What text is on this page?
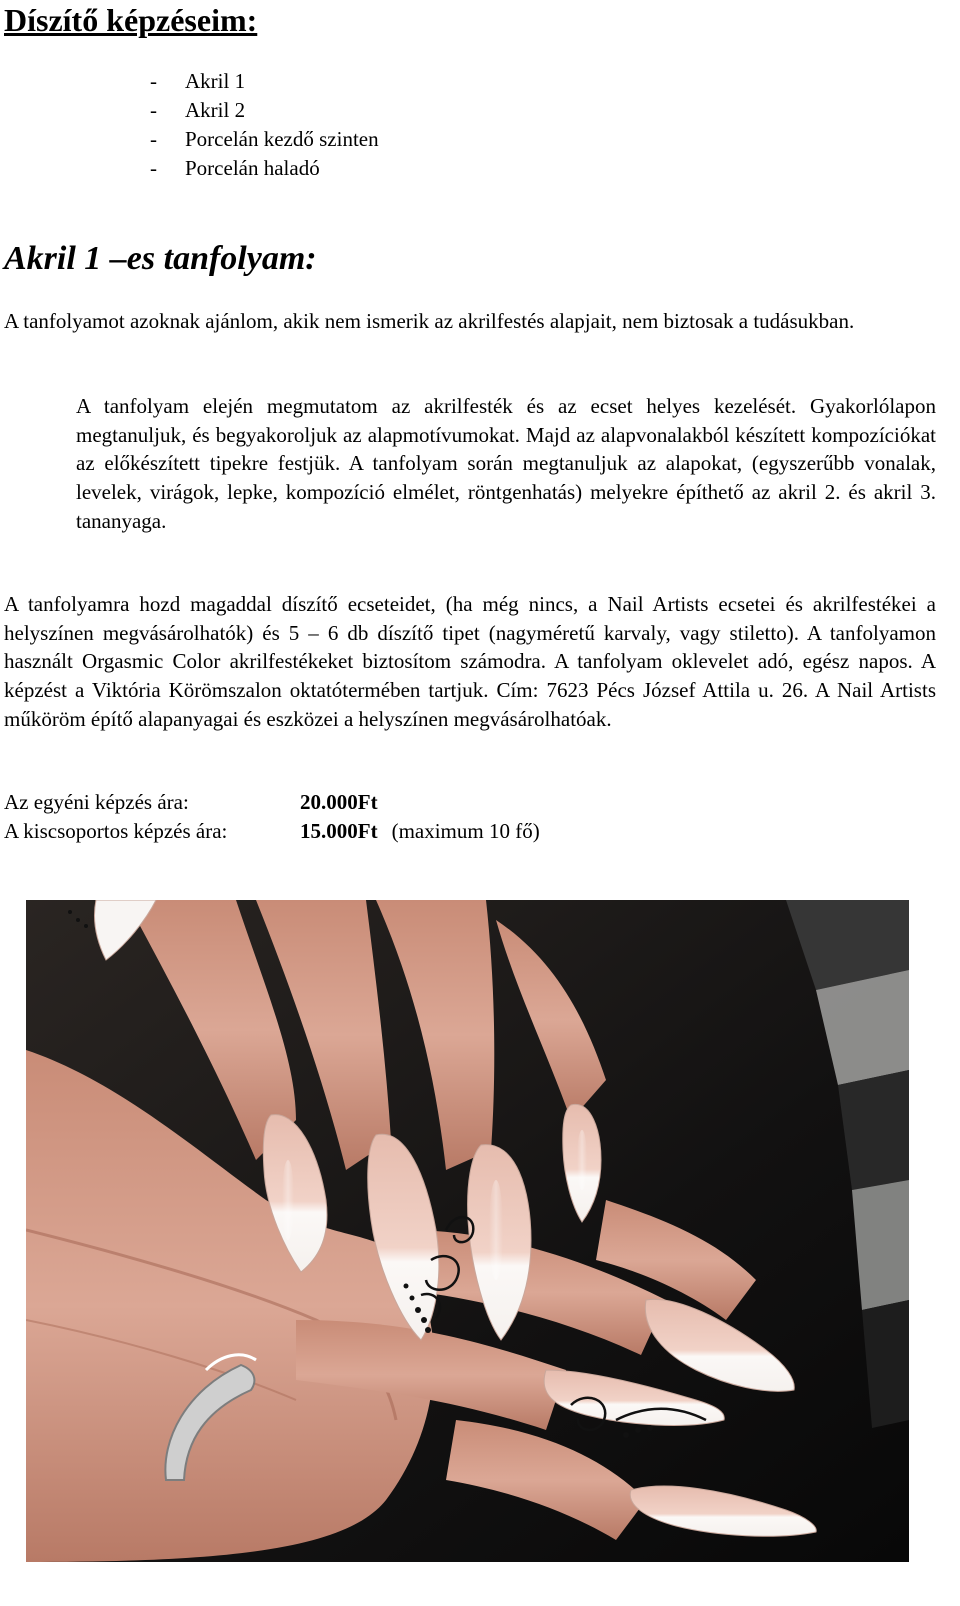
Díszítő képzéseim:
-	Akril 1
-	Akril 2
-	Porcelán kezdő szinten
-	Porcelán haladó
Akril 1 –es tanfolyam:

A tanfolyamot azoknak ajánlom, akik nem ismerik az akrilfestés alapjait, nem biztosak a tudásukban.

A tanfolyam elején megmutatom az akrilfesték és az ecset helyes kezelését. Gyakorlólapon megtanuljuk, és begyakoroljuk az alapmotívumokat. Majd az alapvonalakból készített kompozíciókat az előkészített tipekre festjük. A tanfolyam során megtanuljuk az alapokat, (egyszerűbb vonalak, levelek, virágok, lepke, kompozíció elmélet, röntgenhatás) melyekre építhető az akril 2. és akril 3. tananyaga.

A tanfolyamra hozd magaddal díszítő ecseteidet, (ha még nincs, a Nail Artists ecsetei és akrilfestékei a helyszínen megvásárolhatók) és 5 – 6 db díszítő tipet (nagyméretű karvaly, vagy stiletto). A tanfolyamon használt Orgasmic Color akrilfestékeket biztosítom számodra. A tanfolyam oklevelet adó, egész napos. A képzést a Viktória Körömszalon oktatótermében tartjuk. Cím: 7623 Pécs József Attila u. 26. A Nail Artists műköröm építő alapanyagai és eszközei a helyszínen megvásárolhatóak.

Az egyéni képzés ára:	20.000Ft
A kiscsoportos képzés ára:	15.000Ft (maximum 10 fő)
